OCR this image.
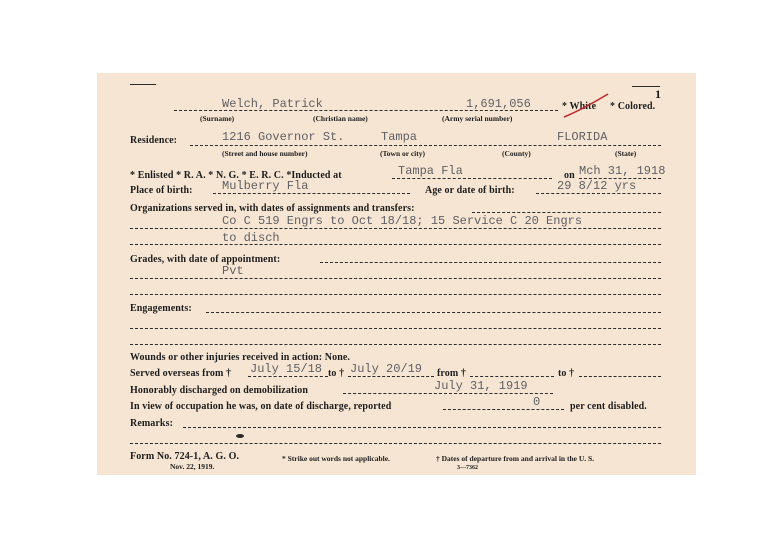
1
Welch, Patrick	1,691,056
(Surname)	(Christian name)	(Army serial number)
* White * Colored.
Residence:	1216 Governor St.	Tampa	FLORIDA
(Street and house number)	(Town or city)	(County)	(State)
* Enlisted * R. A. * N. G. * E. R. C. *Inducted at	Tampa Fla	on Mch 31, 1918
Place of birth: Mulberry Fla	Age or date of birth:	29 8/12 yrs
Organizations served in, with dates of assignments and transfers:
Co C 519 Engrs to Oct 18/18; 15 Service C 20 Engrs
to disch
Grades, with date of appointment:
Pvt
Engagements:
Wounds or other injuries received in action: None.
Served overseas from † July 15/18 to † July 20/19 from †	to †
Honorably discharged on demobilization	July 31, 1919
In view of occupation he was, on date of discharge, reported	0	per cent disabled.
Remarks:
Form No. 724-1, A. G. O.
Nov. 22, 1919.
* Strike out words not applicable.	† Dates of departure from and arrival in the U. S.
3—7362
